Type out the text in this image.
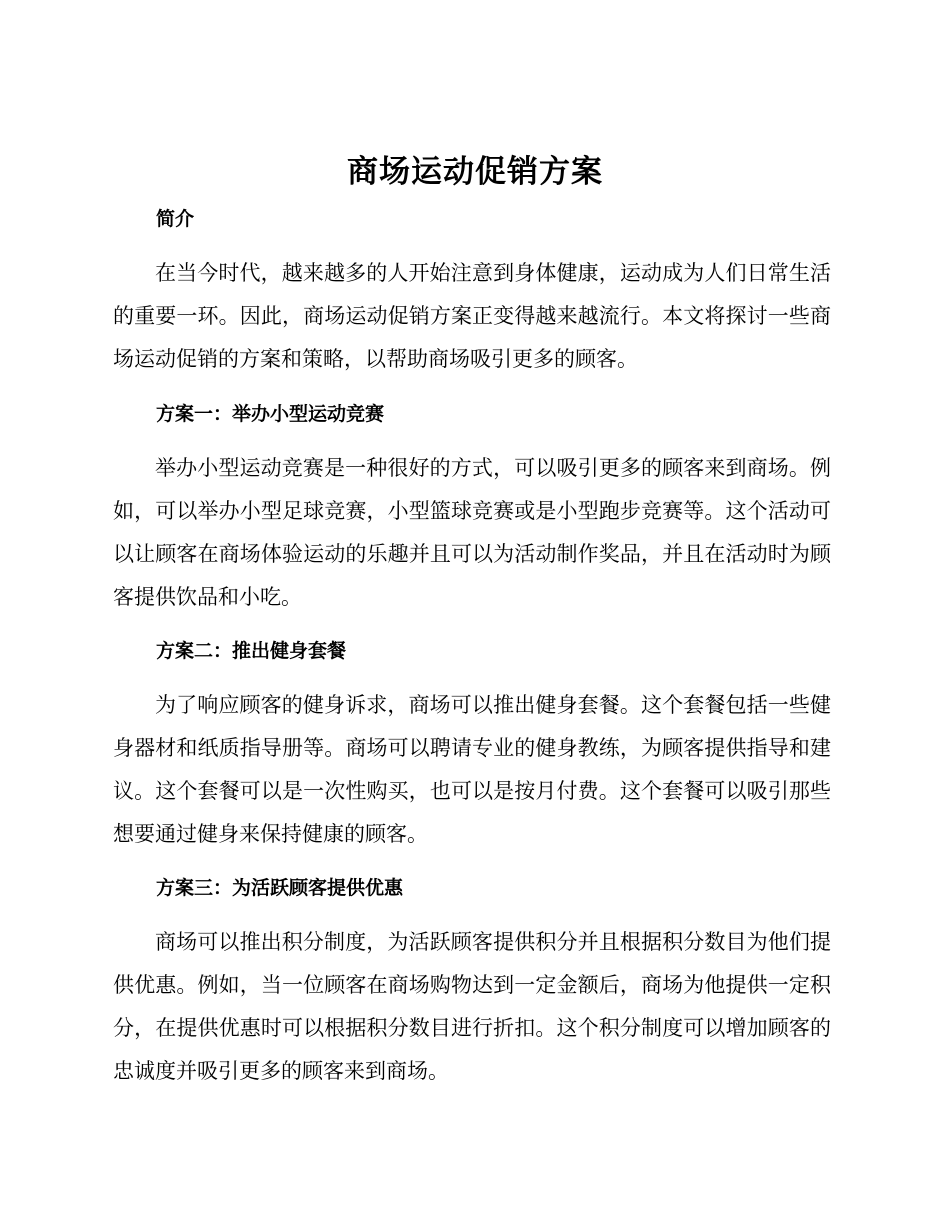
商场运动促销方案
简介

在当今时代，越来越多的人开始注意到身体健康，运动成为人们日常生活的重要一环。因此，商场运动促销方案正变得越来越流行。本文将探讨一些商场运动促销的方案和策略，以帮助商场吸引更多的顾客。

方案一：举办小型运动竞赛

举办小型运动竞赛是一种很好的方式，可以吸引更多的顾客来到商场。例如，可以举办小型足球竞赛，小型篮球竞赛或是小型跑步竞赛等。这个活动可以让顾客在商场体验运动的乐趣并且可以为活动制作奖品，并且在活动时为顾客提供饮品和小吃。

方案二：推出健身套餐

为了响应顾客的健身诉求，商场可以推出健身套餐。这个套餐包括一些健身器材和纸质指导册等。商场可以聘请专业的健身教练，为顾客提供指导和建议。这个套餐可以是一次性购买，也可以是按月付费。这个套餐可以吸引那些想要通过健身来保持健康的顾客。

方案三：为活跃顾客提供优惠

商场可以推出积分制度，为活跃顾客提供积分并且根据积分数目为他们提供优惠。例如，当一位顾客在商场购物达到一定金额后，商场为他提供一定积分，在提供优惠时可以根据积分数目进行折扣。这个积分制度可以增加顾客的忠诚度并吸引更多的顾客来到商场。
